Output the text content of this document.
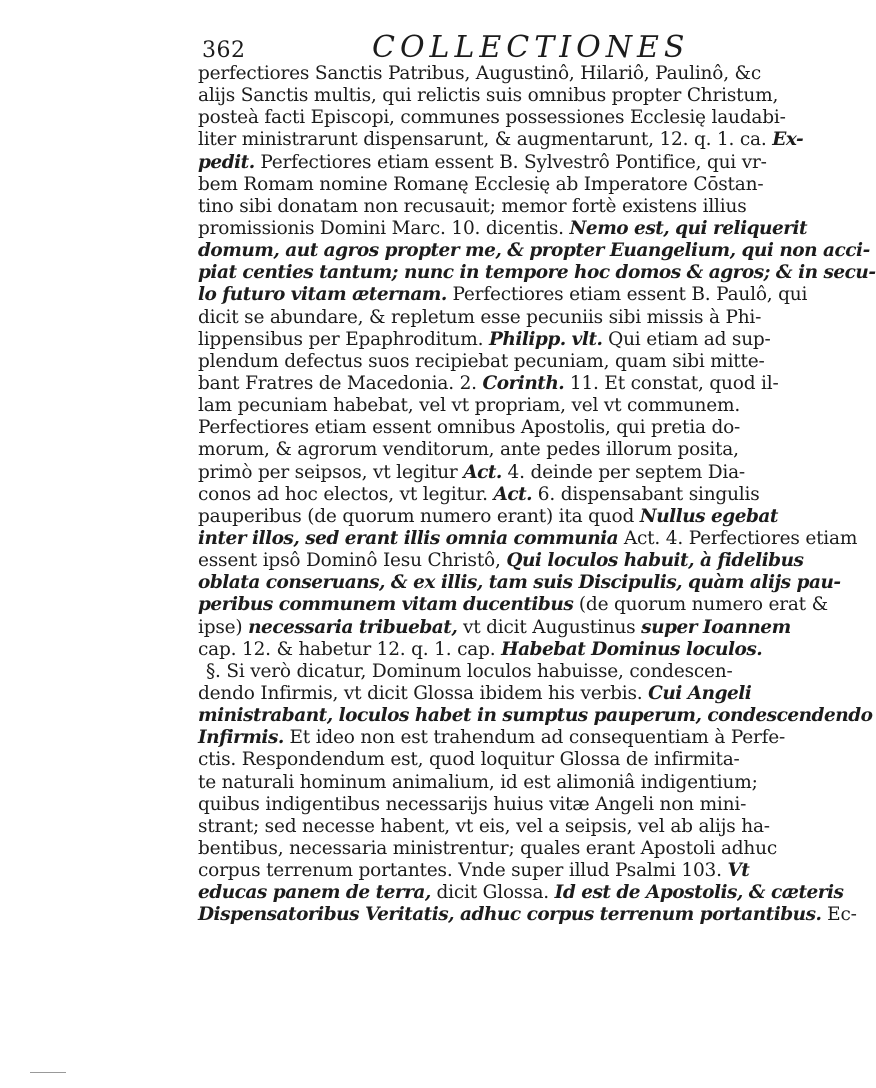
362	COLLECTIONES
perfectiores Sanctis Patribus, Augustinô, Hilariô, Paulinô, &c
alijs Sanctis multis, qui relictis suis omnibus propter Christum,
posteà facti Episcopi, communes possessiones Ecclesię laudabi-
liter ministrarunt dispensarunt, & augmentarunt, 12. q. 1. ca. Ex-
pedit. Perfectiores etiam essent B. Sylvestrô Pontifice, qui vr-
bem Romam nomine Romanę Ecclesię ab Imperatore Cōstan-
tino sibi donatam non recusauit; memor fortè existens illius
promissionis Domini Marc. 10. dicentis. Nemo est, qui reliquerit
domum, aut agros propter me, & propter Euangelium, qui non acci-
piat centies tantum; nunc in tempore hoc domos & agros; & in secu-
lo futuro vitam æternam. Perfectiores etiam essent B. Paulô, qui
dicit se abundare, & repletum esse pecuniis sibi missis à Phi-
lippensibus per Epaphroditum. Philipp. vlt. Qui etiam ad sup-
plendum defectus suos recipiebat pecuniam, quam sibi mitte-
bant Fratres de Macedonia. 2. Corinth. 11. Et constat, quod il-
lam pecuniam habebat, vel vt propriam, vel vt communem.
Perfectiores etiam essent omnibus Apostolis, qui pretia do-
morum, & agrorum venditorum, ante pedes illorum posita,
primò per seipsos, vt legitur Act. 4. deinde per septem Dia-
conos ad hoc electos, vt legitur. Act. 6. dispensabant singulis
pauperibus (de quorum numero erant) ita quod Nullus egebat
inter illos, sed erant illis omnia communia Act. 4. Perfectiores etiam
essent ipsô Dominô Iesu Christô, Qui loculos habuit, à fidelibus
oblata conseruans, & ex illis, tam suis Discipulis, quàm alijs pau-
peribus communem vitam ducentibus (de quorum numero erat &
ipse) necessaria tribuebat, vt dicit Augustinus super Ioannem
cap. 12. & habetur 12. q. 1. cap. Habebat Dominus loculos.
§. Si verò dicatur, Dominum loculos habuisse, condescen-
dendo Infirmis, vt dicit Glossa ibidem his verbis. Cui Angeli
ministrabant, loculos habet in sumptus pauperum, condescendendo
Infirmis. Et ideo non est trahendum ad consequentiam à Perfe-
ctis. Respondendum est, quod loquitur Glossa de infirmita-
te naturali hominum animalium, id est alimoniâ indigentium;
quibus indigentibus necessarijs huius vitæ Angeli non mini-
strant; sed necesse habent, vt eis, vel a seipsis, vel ab alijs ha-
bentibus, necessaria ministrentur; quales erant Apostoli adhuc
corpus terrenum portantes. Vnde super illud Psalmi 103. Vt
educas panem de terra, dicit Glossa. Id est de Apostolis, & cæteris
Dispensatoribus Veritatis, adhuc corpus terrenum portantibus. Ec-
